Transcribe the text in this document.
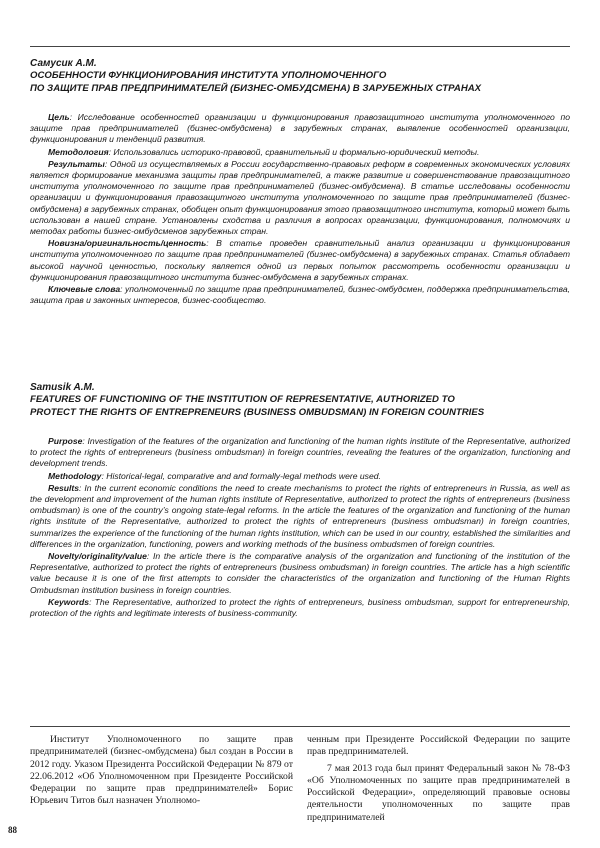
Самусик А.М.

ОСОБЕННОСТИ ФУНКЦИОНИРОВАНИЯ ИНСТИТУТА УПОЛНОМОЧЕННОГО

ПО ЗАЩИТЕ ПРАВ ПРЕДПРИНИМАТЕЛЕЙ (БИЗНЕС-ОМБУДСМЕНА) В ЗАРУБЕЖНЫХ СТРАНАХ

Цель: Исследование особенностей организации и функционирования правозащитного института уполномоченного по защите прав предпринимателей (бизнес-омбудсмена) в зарубежных странах, выявление особенностей организации, функционирования и тенденций развития.

Методология: Использовались историко-правовой, сравнительный и формально-юридический методы.

Результаты: Одной из осуществляемых в России государственно-правовых реформ в современных экономических условиях является формирование механизма защиты прав предпринимателей, а также развитие и совершенствование правозащитного института уполномоченного по защите прав предпринимателей (бизнес-омбудсмена). В статье исследованы особенности организации и функционирования правозащитного института уполномоченного по защите прав предпринимателей (бизнес-омбудсмена) в зарубежных странах, обобщен опыт функционирования этого правозащитного института, который может быть использован в нашей стране. Установлены сходства и различия в вопросах организации, функционирования, полномочиях и методах работы бизнес-омбудсменов зарубежных стран.

Новизна/оригинальность/ценность: В статье проведен сравнительный анализ организации и функционирования института уполномоченного по защите прав предпринимателей (бизнес-омбудсмена) в зарубежных странах. Статья обладает высокой научной ценностью, поскольку является одной из первых попыток рассмотреть особенности организации и функционирования правозащитного института бизнес-омбудсмена в зарубежных странах.

Ключевые слова: уполномоченный по защите прав предпринимателей, бизнес-омбудсмен, поддержка предпринимательства, защита прав и законных интересов, бизнес-сообщество.

Samusik A.M.

FEATURES OF FUNCTIONING OF THE INSTITUTION OF REPRESENTATIVE, AUTHORIZED TO

PROTECT THE RIGHTS OF ENTREPRENEURS (BUSINESS OMBUDSMAN) IN FOREIGN COUNTRIES

Purpose: Investigation of the features of the organization and functioning of the human rights institute of the Representative, authorized to protect the rights of entrepreneurs (business ombudsman) in foreign countries, revealing the features of the organization, functioning and development trends.

Methodology: Historical-legal, comparative and and formally-legal methods were used.

Results: In the current economic conditions the need to create mechanisms to protect the rights of entrepreneurs in Russia, as well as the development and improvement of the human rights institute of Representative, authorized to protect the rights of entrepreneurs (business ombudsman) is one of the country’s ongoing state-legal reforms. In the article the features of the organization and functioning of the human rights institute of the Representative, authorized to protect the rights of entrepreneurs (business ombudsman) in foreign countries, summarizes the experience of the functioning of the human rights institution, which can be used in our country, established the similarities and differences in the organization, functioning, powers and working methods of the business ombudsmen of foreign countries.

Novelty/originality/value: In the article there is the comparative analysis of the organization and functioning of the institution of the Representative, authorized to protect the rights of entrepreneurs (business ombudsman) in foreign countries. The article has a high scientific value because it is one of the first attempts to consider the characteristics of the organization and functioning of the Human Rights Ombudsman institution business in foreign countries.

Keywords: The Representative, authorized to protect the rights of entrepreneurs, business ombudsman, support for entrepreneurship, protection of the rights and legitimate interests of business-community.

Институт Уполномоченного по защите прав предпринимателей (бизнес-омбудсмена) был создан в России в 2012 году. Указом Президента Российской Федерации № 879 от 22.06.2012 «Об Уполномоченном при Президенте Российской Федерации по защите прав предпринимателей» Борис Юрьевич Титов был назначен Уполномо-

ченным при Президенте Российской Федерации по защите прав предпринимателей.

7 мая 2013 года был принят Федеральный закон № 78-ФЗ «Об Уполномоченных по защите прав предпринимателей в Российской Федерации», определяющий правовые основы деятельности уполномоченных по защите прав предпринимателей

88
